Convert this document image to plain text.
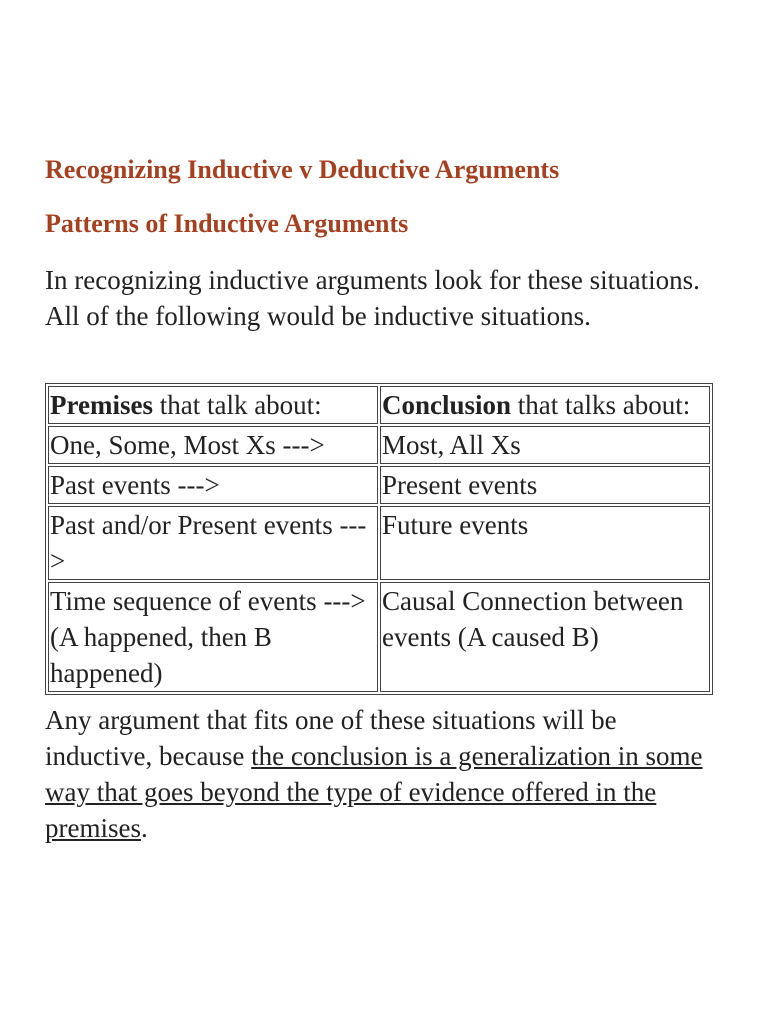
Recognizing Inductive v Deductive Arguments
Patterns of Inductive Arguments

In recognizing inductive arguments look for these situations. All of the following would be inductive situations.

Premises that talk about:	Conclusion that talks about:
One, Some, Most Xs --->	Most, All Xs
Past events --->	Present events
Past and/or Present events --->	Future events
Time sequence of events ---> (A happened, then B happened)	Causal Connection between events (A caused B)

Any argument that fits one of these situations will be inductive, because the conclusion is a generalization in some way that goes beyond the type of evidence offered in the premises.
